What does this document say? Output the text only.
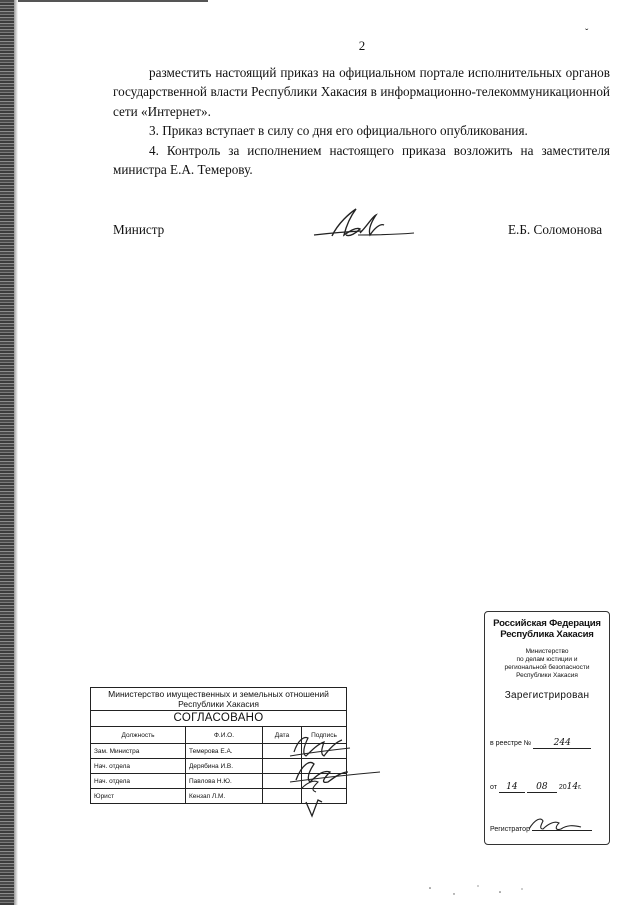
2
ˇ

разместить настоящий приказ на официальном портале исполнительных органов государственной власти Республики Хакасия в информационно-телекоммуникационной сети «Интернет».

3. Приказ вступает в силу со дня его официального опубликования.

4. Контроль за исполнением настоящего приказа возложить на заместителя министра Е.А. Темерову.

Министр	Е.Б. Соломонова
Министерство имущественных и земельных отношений Республики Хакасия
СОГЛАСОВАНО
Должность	Ф.И.О.	Дата	Подпись
Зам. Министра	Темерова Е.А.		
Нач. отдела	Дерябина И.В.		
Нач. отдела	Павлова Н.Ю.		
Юрист	Кензап Л.М.		
Российская Федерация
Республика Хакасия
Министерство
по делам юстиции и
региональной безопасности
Республики Хакасия
Зарегистрирован
в реестре № 244
от 14 08 2014г.
Регистратор
